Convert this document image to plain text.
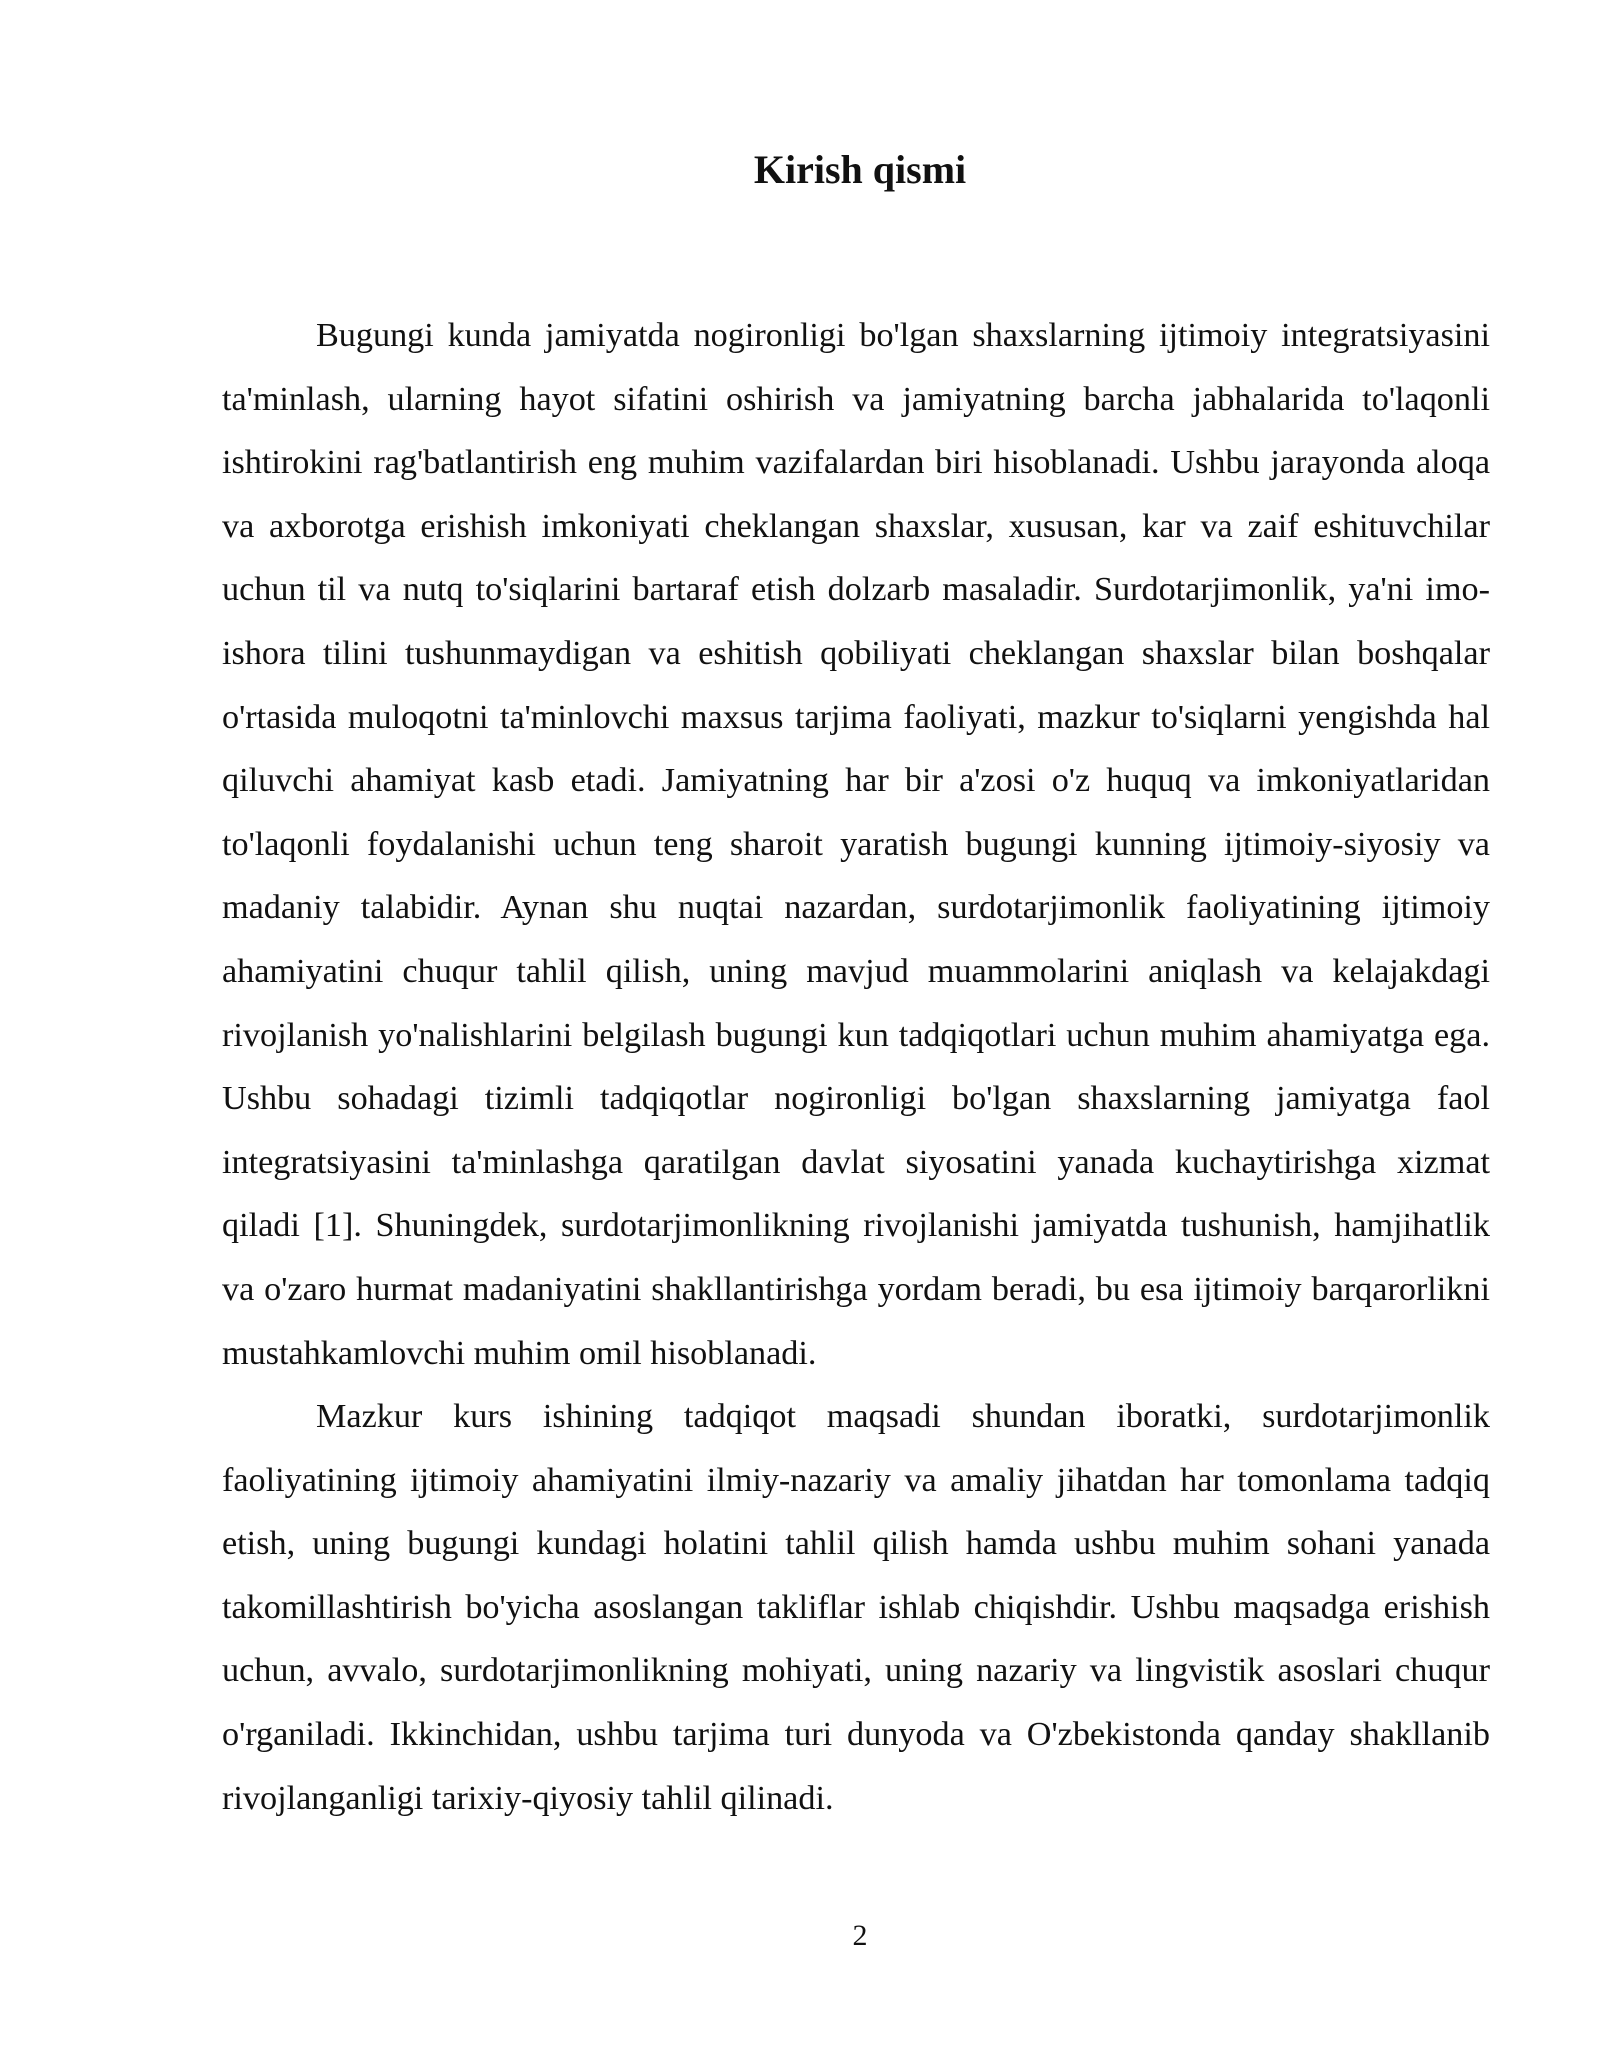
Kirish qismi

Bugungi kunda jamiyatda nogironligi bo'lgan shaxslarning ijtimoiy integratsiyasini ta'minlash, ularning hayot sifatini oshirish va jamiyatning barcha jabhalarida to'laqonli ishtirokini rag'batlantirish eng muhim vazifalardan biri hisoblanadi. Ushbu jarayonda aloqa va axborotga erishish imkoniyati cheklangan shaxslar, xususan, kar va zaif eshituvchilar uchun til va nutq to'siqlarini bartaraf etish dolzarb masaladir. Surdotarjimonlik, ya'ni imo-ishora tilini tushunmaydigan va eshitish qobiliyati cheklangan shaxslar bilan boshqalar o'rtasida muloqotni ta'minlovchi maxsus tarjima faoliyati, mazkur to'siqlarni yengishda hal qiluvchi ahamiyat kasb etadi. Jamiyatning har bir a'zosi o'z huquq va imkoniyatlaridan to'laqonli foydalanishi uchun teng sharoit yaratish bugungi kunning ijtimoiy-siyosiy va madaniy talabidir. Aynan shu nuqtai nazardan, surdotarjimonlik faoliyatining ijtimoiy ahamiyatini chuqur tahlil qilish, uning mavjud muammolarini aniqlash va kelajakdagi rivojlanish yo'nalishlarini belgilash bugungi kun tadqiqotlari uchun muhim ahamiyatga ega. Ushbu sohadagi tizimli tadqiqotlar nogironligi bo'lgan shaxslarning jamiyatga faol integratsiyasini ta'minlashga qaratilgan davlat siyosatini yanada kuchaytirishga xizmat qiladi [1]. Shuningdek, surdotarjimonlikning rivojlanishi jamiyatda tushunish, hamjihatlik va o'zaro hurmat madaniyatini shakllantirishga yordam beradi, bu esa ijtimoiy barqarorlikni mustahkamlovchi muhim omil hisoblanadi.

Mazkur kurs ishining tadqiqot maqsadi shundan iboratki, surdotarjimonlik faoliyatining ijtimoiy ahamiyatini ilmiy-nazariy va amaliy jihatdan har tomonlama tadqiq etish, uning bugungi kundagi holatini tahlil qilish hamda ushbu muhim sohani yanada takomillashtirish bo'yicha asoslangan takliflar ishlab chiqishdir. Ushbu maqsadga erishish uchun, avvalo, surdotarjimonlikning mohiyati, uning nazariy va lingvistik asoslari chuqur o'rganiladi. Ikkinchidan, ushbu tarjima turi dunyoda va O'zbekistonda qanday shakllanib rivojlanganligi tarixiy-qiyosiy tahlil qilinadi.

2
